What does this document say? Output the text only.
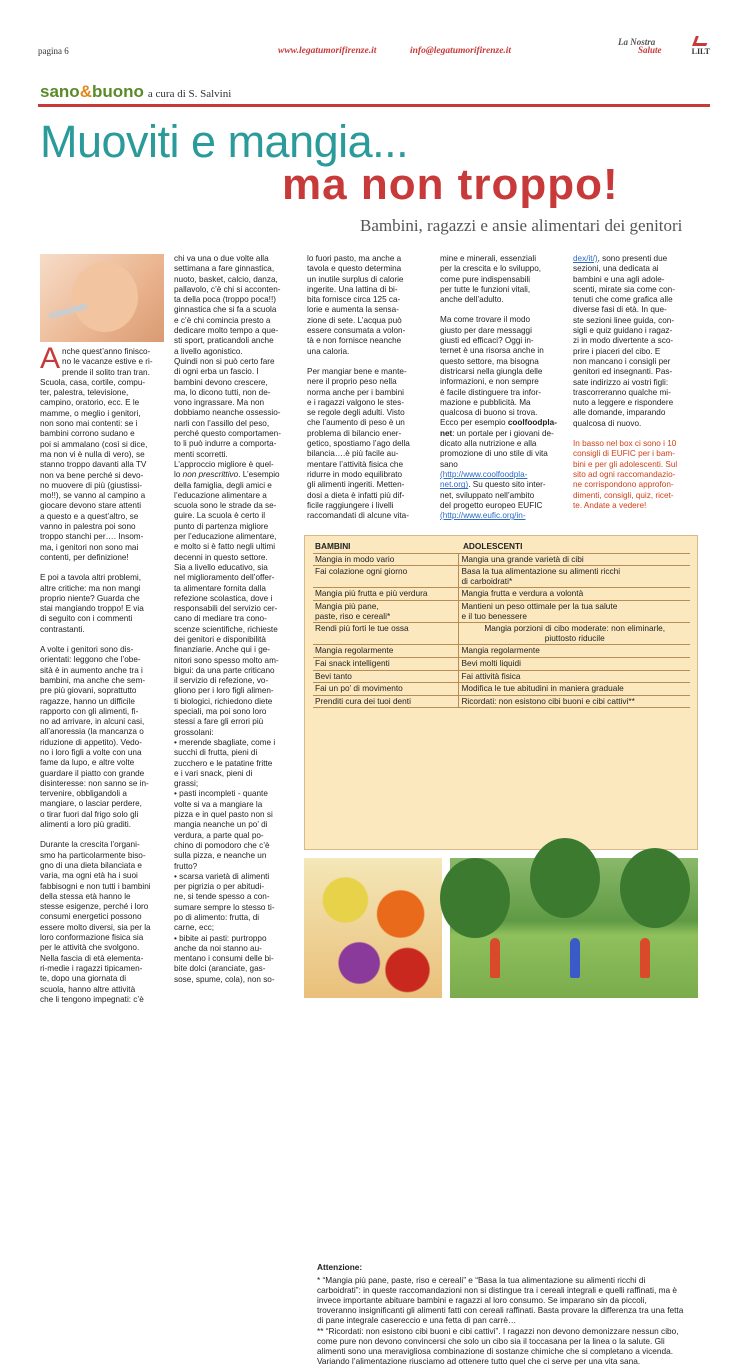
pagina 6	www.legatumorifirenze.it	info@legatumorifirenze.it
La Nostra
Salute	LILT
sano&buono a cura di S. Salvini
Muoviti e mangia...
ma non troppo!
Bambini, ragazzi e ansie alimentari dei genitori

Anche quest’anno finisco-
no le vacanze estive e ri-
prende il solito tran tran.
Scuola, casa, cortile, compu-
ter, palestra, televisione,
campino, oratorio, ecc. E le
mamme, o meglio i genitori,
non sono mai contenti: se i
bambini corrono sudano e
poi si ammalano (così si dice,
ma non vi è nulla di vero), se
stanno troppo davanti alla TV
non va bene perché si devo-
no muovere di più (giustissi-
mo!!), se vanno al campino a
giocare devono stare attenti
a questo e a quest’altro, se
vanno in palestra poi sono
troppo stanchi per…. Insom-
ma, i genitori non sono mai
contenti, per definizione!

E poi a tavola altri problemi,
altre critiche: ma non mangi
proprio niente? Guarda che
stai mangiando troppo! E via
di seguito con i commenti
contrastanti.

A volte i genitori sono dis-
orientati: leggono che l’obe-
sità è in aumento anche tra i
bambini, ma anche che sem-
pre più giovani, soprattutto
ragazze, hanno un difficile
rapporto con gli alimenti, fi-
no ad arrivare, in alcuni casi,
all’anoressia (la mancanza o
riduzione di appetito). Vedo-
no i loro figli a volte con una
fame da lupo, e altre volte
guardare il piatto con grande
disinteresse: non sanno se in-
tervenire, obbligandoli a
mangiare, o lasciar perdere,
o tirar fuori dal frigo solo gli
alimenti a loro più graditi.

Durante la crescita l’organi-
smo ha particolarmente biso-
gno di una dieta bilanciata e
varia, ma ogni età ha i suoi
fabbisogni e non tutti i bambini
della stessa età hanno le
stesse esigenze, perché i loro
consumi energetici possono
essere molto diversi, sia per la
loro conformazione fisica sia
per le attività che svolgono.

Nella fascia di età elementa-
ri-medie i ragazzi tipicamen-
te, dopo una giornata di
scuola, hanno altre attività
che li tengono impegnati: c’è

chi va una o due volte alla
settimana a fare ginnastica,
nuoto, basket, calcio, danza,
pallavolo, c’è chi si acconten-
ta della poca (troppo poca!!)
ginnastica che si fa a scuola
e c’è chi comincia presto a
dedicare molto tempo a que-
sti sport, praticandoli anche
a livello agonistico.

Quindi non si può certo fare
di ogni erba un fascio. I
bambini devono crescere,
ma, lo dicono tutti, non de-
vono ingrassare. Ma non
dobbiamo neanche ossessio-
narli con l’assillo del peso,
perché questo comportamen-
to li può indurre a comporta-
menti scorretti.

L’approccio migliore è quel-
lo non prescrittivo. L’esempio
della famiglia, degli amici e
l’educazione alimentare a
scuola sono le strade da se-
guire. La scuola è certo il
punto di partenza migliore
per l’educazione alimentare,
e molto si è fatto negli ultimi
decenni in questo settore.
Sia a livello educativo, sia
nel miglioramento dell’offer-
ta alimentare fornita dalla
refezione scolastica, dove i
responsabili del servizio cer-
cano di mediare tra cono-
scenze scientifiche, richieste
dei genitori e disponibilità
finanziarie. Anche qui i ge-
nitori sono spesso molto am-
bigui: da una parte criticano
il servizio di refezione, vo-
gliono per i loro figli alimen-
ti biologici, richiedono diete
speciali, ma poi sono loro
stessi a fare gli errori più
grossolani:

• merende sbagliate, come i
succhi di frutta, pieni di
zucchero e le patatine fritte
e i vari snack, pieni di
grassi;

• pasti incompleti - quante
volte si va a mangiare la
pizza e in quel pasto non si
mangia neanche un po’ di
verdura, a parte qual po-
chino di pomodoro che c’è
sulla pizza, e neanche un
frutto?

• scarsa varietà di alimenti
per pigrizia o per abitudi-
ne, si tende spesso a con-
sumare sempre lo stesso ti-
po di alimento: frutta, di
carne, ecc;

• bibite ai pasti: purtroppo
anche da noi stanno au-
mentano i consumi delle bi-
bite dolci (aranciate, gas-
sose, spume, cola), non so-

lo fuori pasto, ma anche a
tavola e questo determina
un inutile surplus di calorie
ingerite. Una lattina di bi-
bita fornisce circa 125 ca-
lorie e aumenta la sensa-
zione di sete. L’acqua può
essere consumata a volon-
tà e non fornisce neanche
una caloria.

Per mangiar bene e mante-
nere il proprio peso nella
norma anche per i bambini
e i ragazzi valgono le stes-
se regole degli adulti. Visto
che l’aumento di peso è un
problema di bilancio ener-
getico, spostiamo l’ago della
bilancia….è più facile au-
mentare l’attività fisica che
ridurre in modo equilibrato
gli alimenti ingeriti. Metten-
dosi a dieta è infatti più dif-
ficile raggiungere i livelli
raccomandati di alcune vita-

mine e minerali, essenziali
per la crescita e lo sviluppo,
come pure indispensabili
per tutte le funzioni vitali,
anche dell’adulto.

Ma come trovare il modo
giusto per dare messaggi
giusti ed efficaci? Oggi in-
ternet è una risorsa anche in
questo settore, ma bisogna
districarsi nella giungla delle
informazioni, e non sempre
è facile distinguere tra infor-
mazione e pubblicità. Ma
qualcosa di buono si trova.
Ecco per esempio coolfoodpla-
net: un portale per i giovani de-
dicato alla nutrizione e alla
promozione di uno stile di vita
sano

(http://www.coolfoodpla-
net.org). Su questo sito inter-
net, sviluppato nell’ambito
del progetto europeo EUFIC

(http://www.eufic.org/in-

dex/it/), sono presenti due
sezioni, una dedicata ai
bambini e una agli adole-
scenti, mirate sia come con-
tenuti che come grafica alle
diverse fasi di età. In que-
ste sezioni linee guida, con-
sigli e quiz guidano i ragaz-
zi in modo divertente a sco-
prire i piaceri del cibo. E
non mancano i consigli per
genitori ed insegnanti. Pas-
sate indirizzo ai vostri figli:
trascorreranno qualche mi-
nuto a leggere e rispondere
alle domande, imparando
qualcosa di nuovo.

In basso nel box ci sono i 10
consigli di EUFIC per i bam-
bini e per gli adolescenti. Sul
sito ad ogni raccomandazio-
ne corrispondono approfon-
dimenti, consigli, quiz, ricet-
te. Andate a vedere!

BAMBINI	ADOLESCENTI
Mangia in modo vario	Mangia una grande varietà di cibi
Fai colazione ogni giorno	Basa la tua alimentazione su alimenti ricchi
di carboidrati*
Mangia più frutta e più verdura	Mangia frutta e verdura a volontà
Mangia più pane,
paste, riso e cereali*	Mantieni un peso ottimale per la tua salute
e il tuo benessere
Rendi più forti le tue ossa	Mangia porzioni di cibo moderate: non eliminarle,
piuttosto riducile
Mangia regolarmente	Mangia regolarmente
Fai snack intelligenti	Bevi molti liquidi
Bevi tanto	Fai attività fisica
Fai un po’ di movimento	Modifica le tue abitudini in maniera graduale
Prenditi cura dei tuoi denti	Ricordati: non esistono cibi buoni e cibi cattivi**

Attenzione:

* “Mangia più pane, paste, riso e cereali” e “Basa la tua alimentazione su alimenti ricchi di carboidrati”: in queste raccomandazioni non si distingue tra i cereali integrali e quelli raffinati, ma è invece importante abituare bambini e ragazzi al loro consumo. Se imparano sin da piccoli, troveranno insignificanti gli alimenti fatti con cereali raffinati. Basta provare la differenza tra una fetta di pane integrale casereccio e una fetta di pan carrè…

** “Ricordati: non esistono cibi buoni e cibi cattivi”. I ragazzi non devono demonizzare nessun cibo, come pure non devono convincersi che solo un cibo sia il toccasana per la linea o la salute. Gli alimenti sono una meravigliosa combinazione di sostanze chimiche che si completano a vicenda. Variando l’alimentazione riusciamo ad ottenere tutto quel che ci serve per una vita sana.
